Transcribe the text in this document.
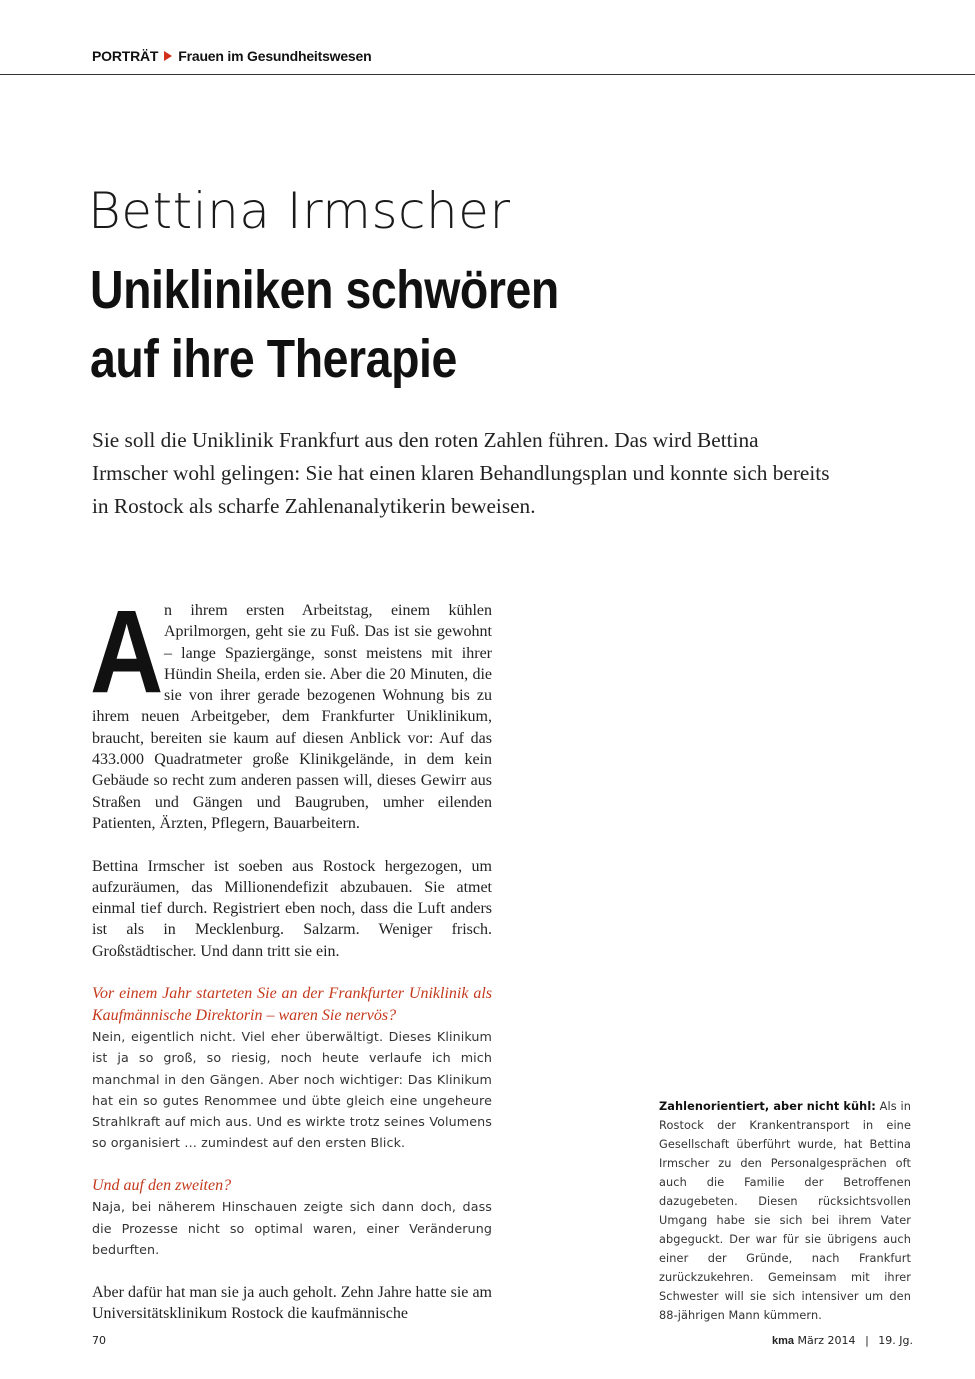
PORTRÄT Frauen im Gesundheitswesen
Bettina Irmscher
Unikliniken schwören
auf ihre Therapie

Sie soll die Uniklinik Frankfurt aus den roten Zahlen führen. Das wird Bettina Irmscher wohl gelingen: Sie hat einen klaren Behandlungsplan und konnte sich bereits in Rostock als scharfe Zahlenanalytikerin beweisen.

An ihrem ersten Arbeitstag, einem kühlen Aprilmorgen, geht sie zu Fuß. Das ist sie gewohnt – lange Spaziergänge, sonst meistens mit ihrer Hündin Sheila, erden sie. Aber die 20 Minuten, die sie von ihrer gerade bezogenen Wohnung bis zu ihrem neuen Arbeitgeber, dem Frankfurter Uniklinikum, braucht, bereiten sie kaum auf diesen Anblick vor: Auf das 433.000 Quadratmeter große Klinikgelände, in dem kein Gebäude so recht zum anderen passen will, dieses Gewirr aus Straßen und Gängen und Baugruben, umher eilenden Patienten, Ärzten, Pflegern, Bauarbeitern.

Bettina Irmscher ist soeben aus Rostock hergezogen, um aufzuräumen, das Millionendefizit abzubauen. Sie atmet einmal tief durch. Registriert eben noch, dass die Luft anders ist als in Mecklenburg. Salzarm. Weniger frisch. Großstädtischer. Und dann tritt sie ein.

Vor einem Jahr starteten Sie an der Frankfurter Uniklinik als Kaufmännische Direktorin – waren Sie nervös?

Nein, eigentlich nicht. Viel eher überwältigt. Dieses Klinikum ist ja so groß, so riesig, noch heute verlaufe ich mich manchmal in den Gängen. Aber noch wichtiger: Das Klinikum hat ein so gutes Renommee und übte gleich eine ungeheure Strahlkraft auf mich aus. Und es wirkte trotz seines Volumens so organisiert … zumindest auf den ersten Blick.

Und auf den zweiten?

Naja, bei näherem Hinschauen zeigte sich dann doch, dass die Prozesse nicht so optimal waren, einer Veränderung bedurften.

Aber dafür hat man sie ja auch geholt. Zehn Jahre hatte sie am Universitätsklinikum Rostock die kaufmännische

Zahlenorientiert, aber nicht kühl: Als in Rostock der Krankentransport in eine Gesellschaft überführt wurde, hat Bettina Irmscher zu den Personalgesprächen oft auch die Familie der Betroffenen dazugebeten. Diesen rücksichtsvollen Umgang habe sie sich bei ihrem Vater abgeguckt. Der war für sie übrigens auch einer der Gründe, nach Frankfurt zurückzukehren. Gemeinsam mit ihrer Schwester will sie sich intensiver um den 88-jährigen Mann kümmern.

70	kma März 2014 | 19. Jg.
